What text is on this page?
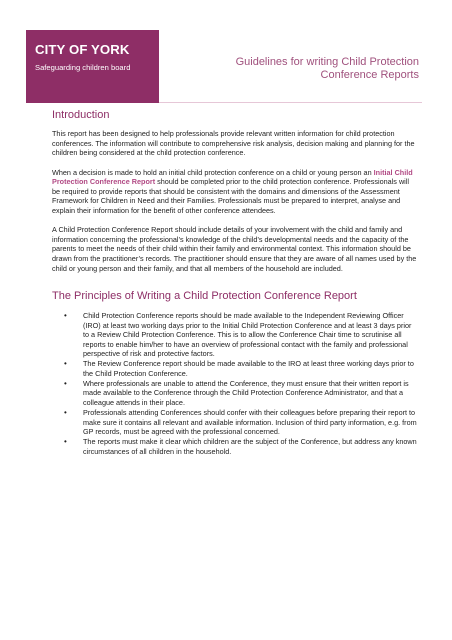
CITY OF YORK
Safeguarding children board	Guidelines for writing Child Protection
Conference Reports
Introduction

This report has been designed to help professionals provide relevant written information for child protection conferences. The information will contribute to comprehensive risk analysis, decision making and planning for the children being considered at the child protection conference.

When a decision is made to hold an initial child protection conference on a child or young person an Initial Child Protection Conference Report should be completed prior to the child protection conference. Professionals will be required to provide reports that should be consistent with the domains and dimensions of the Assessment Framework for Children in Need and their Families. Professionals must be prepared to interpret, analyse and explain their information for the benefit of other conference attendees.

A Child Protection Conference Report should include details of your involvement with the child and family and information concerning the professional’s knowledge of the child’s developmental needs and the capacity of the parents to meet the needs of their child within their family and environmental context. This information should be drawn from the practitioner’s records. The practitioner should ensure that they are aware of all names used by the child or young person and their family, and that all members of the household are included.

The Principles of Writing a Child Protection Conference Report
• Child Protection Conference reports should be made available to the Independent Reviewing Officer (IRO) at least two working days prior to the Initial Child Protection Conference and at least 3 days prior to a Review Child Protection Conference. This is to allow the Conference Chair time to scrutinise all reports to enable him/her to have an overview of professional contact with the family and professional perspective of risk and protective factors.
• The Review Conference report should be made available to the IRO at least three working days prior to the Child Protection Conference.
• Where professionals are unable to attend the Conference, they must ensure that their written report is made available to the Conference through the Child Protection Conference Administrator, and that a colleague attends in their place.
• Professionals attending Conferences should confer with their colleagues before preparing their report to make sure it contains all relevant and available information. Inclusion of third party information, e.g. from GP records, must be agreed with the professional concerned.
• The reports must make it clear which children are the subject of the Conference, but address any known circumstances of all children in the household.
